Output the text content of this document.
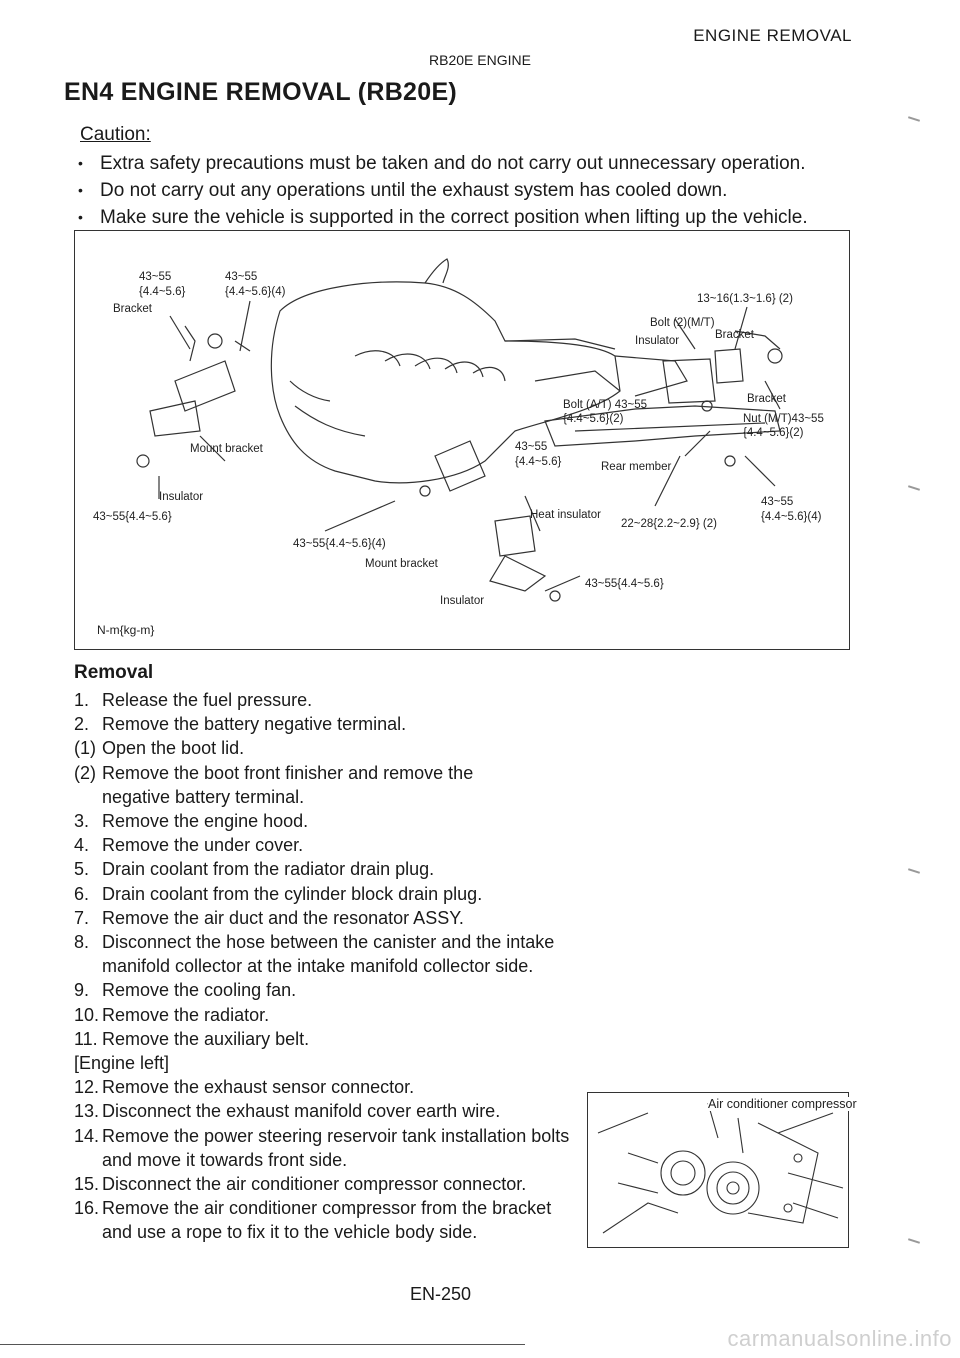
ENGINE REMOVAL
RB20E ENGINE
EN4 ENGINE REMOVAL (RB20E)
Caution:
• Extra safety precautions must be taken and do not carry out unnecessary operation.
• Do not carry out any operations until the exhaust system has cooled down.
• Make sure the vehicle is supported in the correct position when lifting up the vehicle.
43~55
{4.4~5.6}
43~55
{4.4~5.6}(4)
Bracket
Mount bracket
Insulator
43~55{4.4~5.6}
43~55{4.4~5.6}(4)
Mount bracket
Insulator
43~55{4.4~5.6}
Heat insulator
43~55
{4.4~5.6}
Bolt (A/T) 43~55
{4.4~5.6}(2)
Rear member
13~16(1.3~1.6} (2)
Bolt (2)(M/T)
Bracket
Insulator
Bracket
Nut (M/T)43~55
{4.4~5.6}(2)
22~28{2.2~2.9} (2)
43~55
{4.4~5.6}(4)
N-m{kg-m}
Removal
1. Release the fuel pressure.
2. Remove the battery negative terminal.
(1) Open the boot lid.
(2) Remove the boot front finisher and remove the negative battery terminal.
3. Remove the engine hood.
4. Remove the under cover.
5. Drain coolant from the radiator drain plug.
6. Drain coolant from the cylinder block drain plug.
7. Remove the air duct and the resonator ASSY.
8. Disconnect the hose between the canister and the intake manifold collector at the intake manifold collector side.
9. Remove the cooling fan.
10. Remove the radiator.
11. Remove the auxiliary belt.
[Engine left]
12. Remove the exhaust sensor connector.
13. Disconnect the exhaust manifold cover earth wire.
14. Remove the power steering reservoir tank installation bolts and move it towards front side.
15. Disconnect the air conditioner compressor connector.
16. Remove the air conditioner compressor from the bracket and use a rope to fix it to the vehicle body side.
Air conditioner compressor
EN-250
carmanualsonline.info
